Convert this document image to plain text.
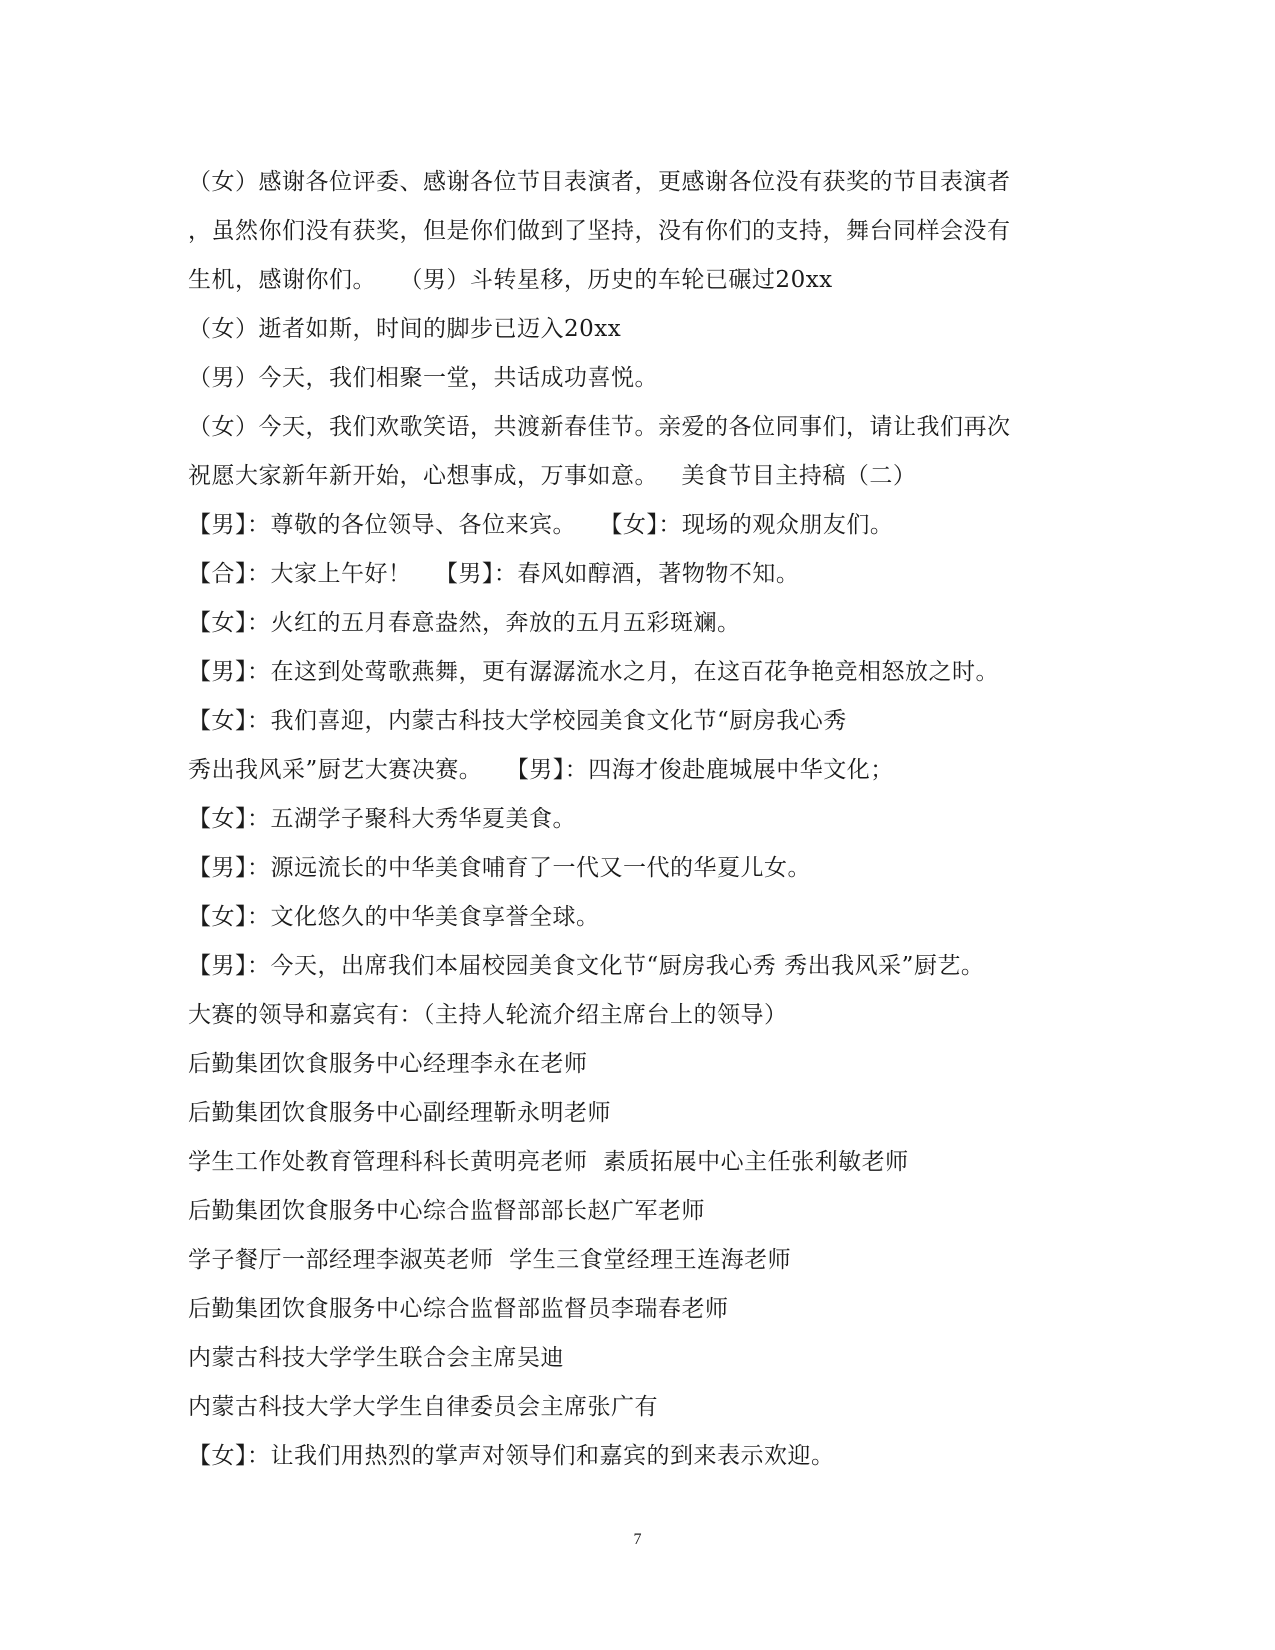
（女）感谢各位评委、感谢各位节目表演者，更感谢各位没有获奖的节目表演者
，虽然你们没有获奖，但是你们做到了坚持，没有你们的支持，舞台同样会没有
生机，感谢你们。   （男）斗转星移，历史的车轮已碾过20xx
（女）逝者如斯，时间的脚步已迈入20xx
（男）今天，我们相聚一堂，共话成功喜悦。
（女）今天，我们欢歌笑语，共渡新春佳节。亲爱的各位同事们，请让我们再次
祝愿大家新年新开始，心想事成，万事如意。   美食节目主持稿（二）
【男】：尊敬的各位领导、各位来宾。   【女】：现场的观众朋友们。
【合】：大家上午好！   【男】：春风如醇酒，著物物不知。
【女】：火红的五月春意盎然，奔放的五月五彩斑斓。
【男】：在这到处莺歌燕舞，更有潺潺流水之月，在这百花争艳竞相怒放之时。
【女】：我们喜迎，内蒙古科技大学校园美食文化节“厨房我心秀
秀出我风采”厨艺大赛决赛。   【男】：四海才俊赴鹿城展中华文化；
【女】：五湖学子聚科大秀华夏美食。
【男】：源远流长的中华美食哺育了一代又一代的华夏儿女。
【女】：文化悠久的中华美食享誉全球。
【男】：今天，出席我们本届校园美食文化节“厨房我心秀 秀出我风采”厨艺。
大赛的领导和嘉宾有：（主持人轮流介绍主席台上的领导）
后勤集团饮食服务中心经理李永在老师
后勤集团饮食服务中心副经理靳永明老师
学生工作处教育管理科科长黄明亮老师  素质拓展中心主任张利敏老师
后勤集团饮食服务中心综合监督部部长赵广军老师
学子餐厅一部经理李淑英老师  学生三食堂经理王连海老师
后勤集团饮食服务中心综合监督部监督员李瑞春老师
内蒙古科技大学学生联合会主席吴迪
内蒙古科技大学大学生自律委员会主席张广有
【女】：让我们用热烈的掌声对领导们和嘉宾的到来表示欢迎。
7
